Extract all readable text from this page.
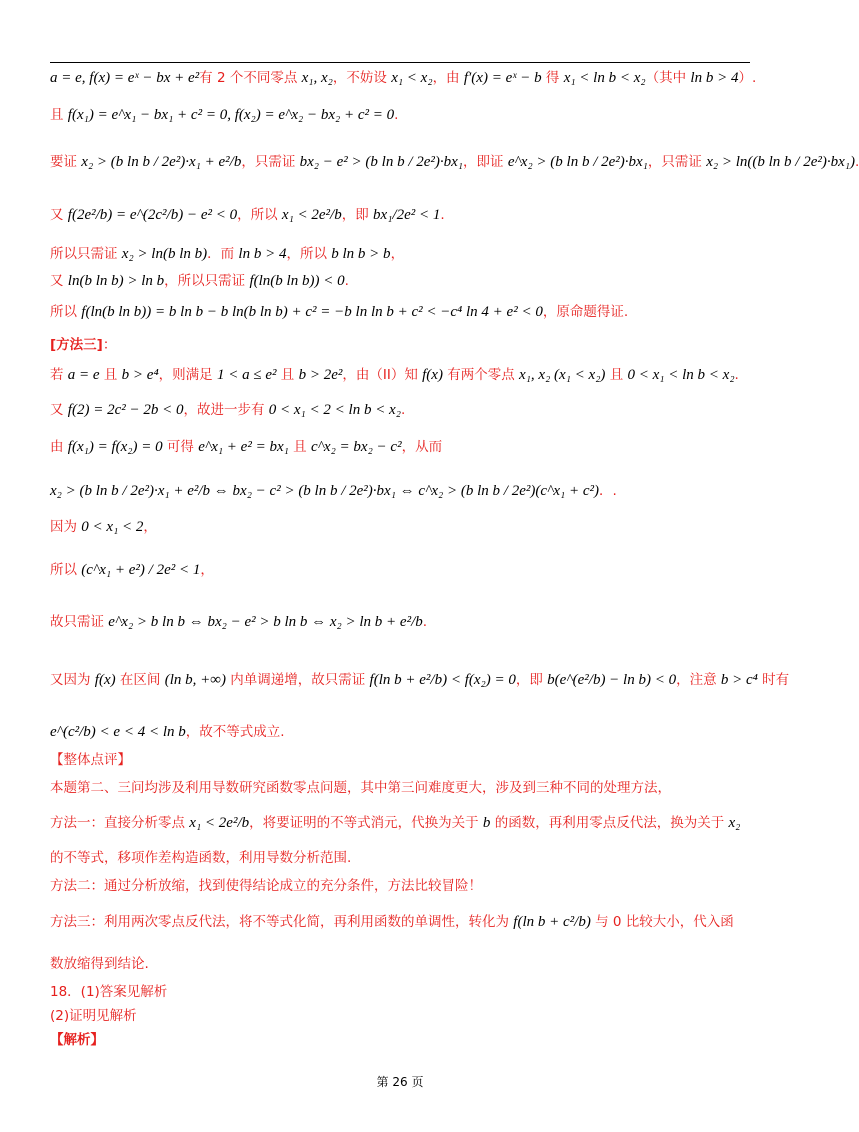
a = e, f(x) = eˣ − bx + e²有 2 个不同零点 x₁, x₂，不妨设 x₁ < x₂，由 f′(x) = eˣ − b 得 x₁ < ln b < x₂（其中 ln b > 4）.
且 f(x₁) = e^x₁ − bx₁ + c² = 0, f(x₂) = e^x₂ − bx₂ + c² = 0.
要证 x₂ > (b ln b / 2e²)·x₁ + e²/b，只需证 bx₂ − e² > (b ln b / 2e²)·bx₁，即证 e^x₂ > (b ln b / 2e²)·bx₁，只需证 x₂ > ln((b ln b / 2e²)·bx₁).
又 f(2e²/b) = e^(2c²/b) − e² < 0，所以 x₁ < 2e²/b，即 bx₁/2e² < 1.
所以只需证 x₂ > ln(b ln b)．而 ln b > 4，所以 b ln b > b，
又 ln(b ln b) > ln b，所以只需证 f(ln(b ln b)) < 0.
所以 f(ln(b ln b)) = b ln b − b ln(b ln b) + c² = −b ln ln b + c² < −c⁴ ln 4 + e² < 0，原命题得证.
[方法三]：
若 a = e 且 b > e⁴，则满足 1 < a ≤ e² 且 b > 2e²，由（II）知 f(x) 有两个零点 x₁, x₂ (x₁ < x₂) 且 0 < x₁ < ln b < x₂.
又 f(2) = 2c² − 2b < 0，故进一步有 0 < x₁ < 2 < ln b < x₂.
由 f(x₁) = f(x₂) = 0 可得 e^x₁ + e² = bx₁ 且 c^x₂ = bx₂ − c²，从而
x₂ > (b ln b / 2e²)·x₁ + e²/b ⇔ bx₂ − c² > (b ln b / 2e²)·bx₁ ⇔ c^x₂ > (b ln b / 2e²)(c^x₁ + c²)．.
因为 0 < x₁ < 2，
所以 (c^x₁ + e²) / 2e² < 1，
故只需证 e^x₂ > b ln b ⇔ bx₂ − e² > b ln b ⇔ x₂ > ln b + e²/b.
又因为 f(x) 在区间 (ln b, +∞) 内单调递增，故只需证 f(ln b + e²/b) < f(x₂) = 0，即 b(e^(e²/b) − ln b) < 0，注意 b > c⁴ 时有
e^(c²/b) < e < 4 < ln b，故不等式成立.
【整体点评】
本题第二、三问均涉及利用导数研究函数零点问题，其中第三问难度更大，涉及到三种不同的处理方法，
方法一：直接分析零点 x₁ < 2e²/b，将要证明的不等式消元，代换为关于 b 的函数，再利用零点反代法，换为关于 x₂
的不等式，移项作差构造函数，利用导数分析范围.
方法二：通过分析放缩，找到使得结论成立的充分条件，方法比较冒险！
方法三：利用两次零点反代法，将不等式化简，再利用函数的单调性，转化为 f(ln b + c²/b) 与 0 比较大小，代入函
数放缩得到结论.
18．(1)答案见解析
(2)证明见解析
【解析】
第 26 页
